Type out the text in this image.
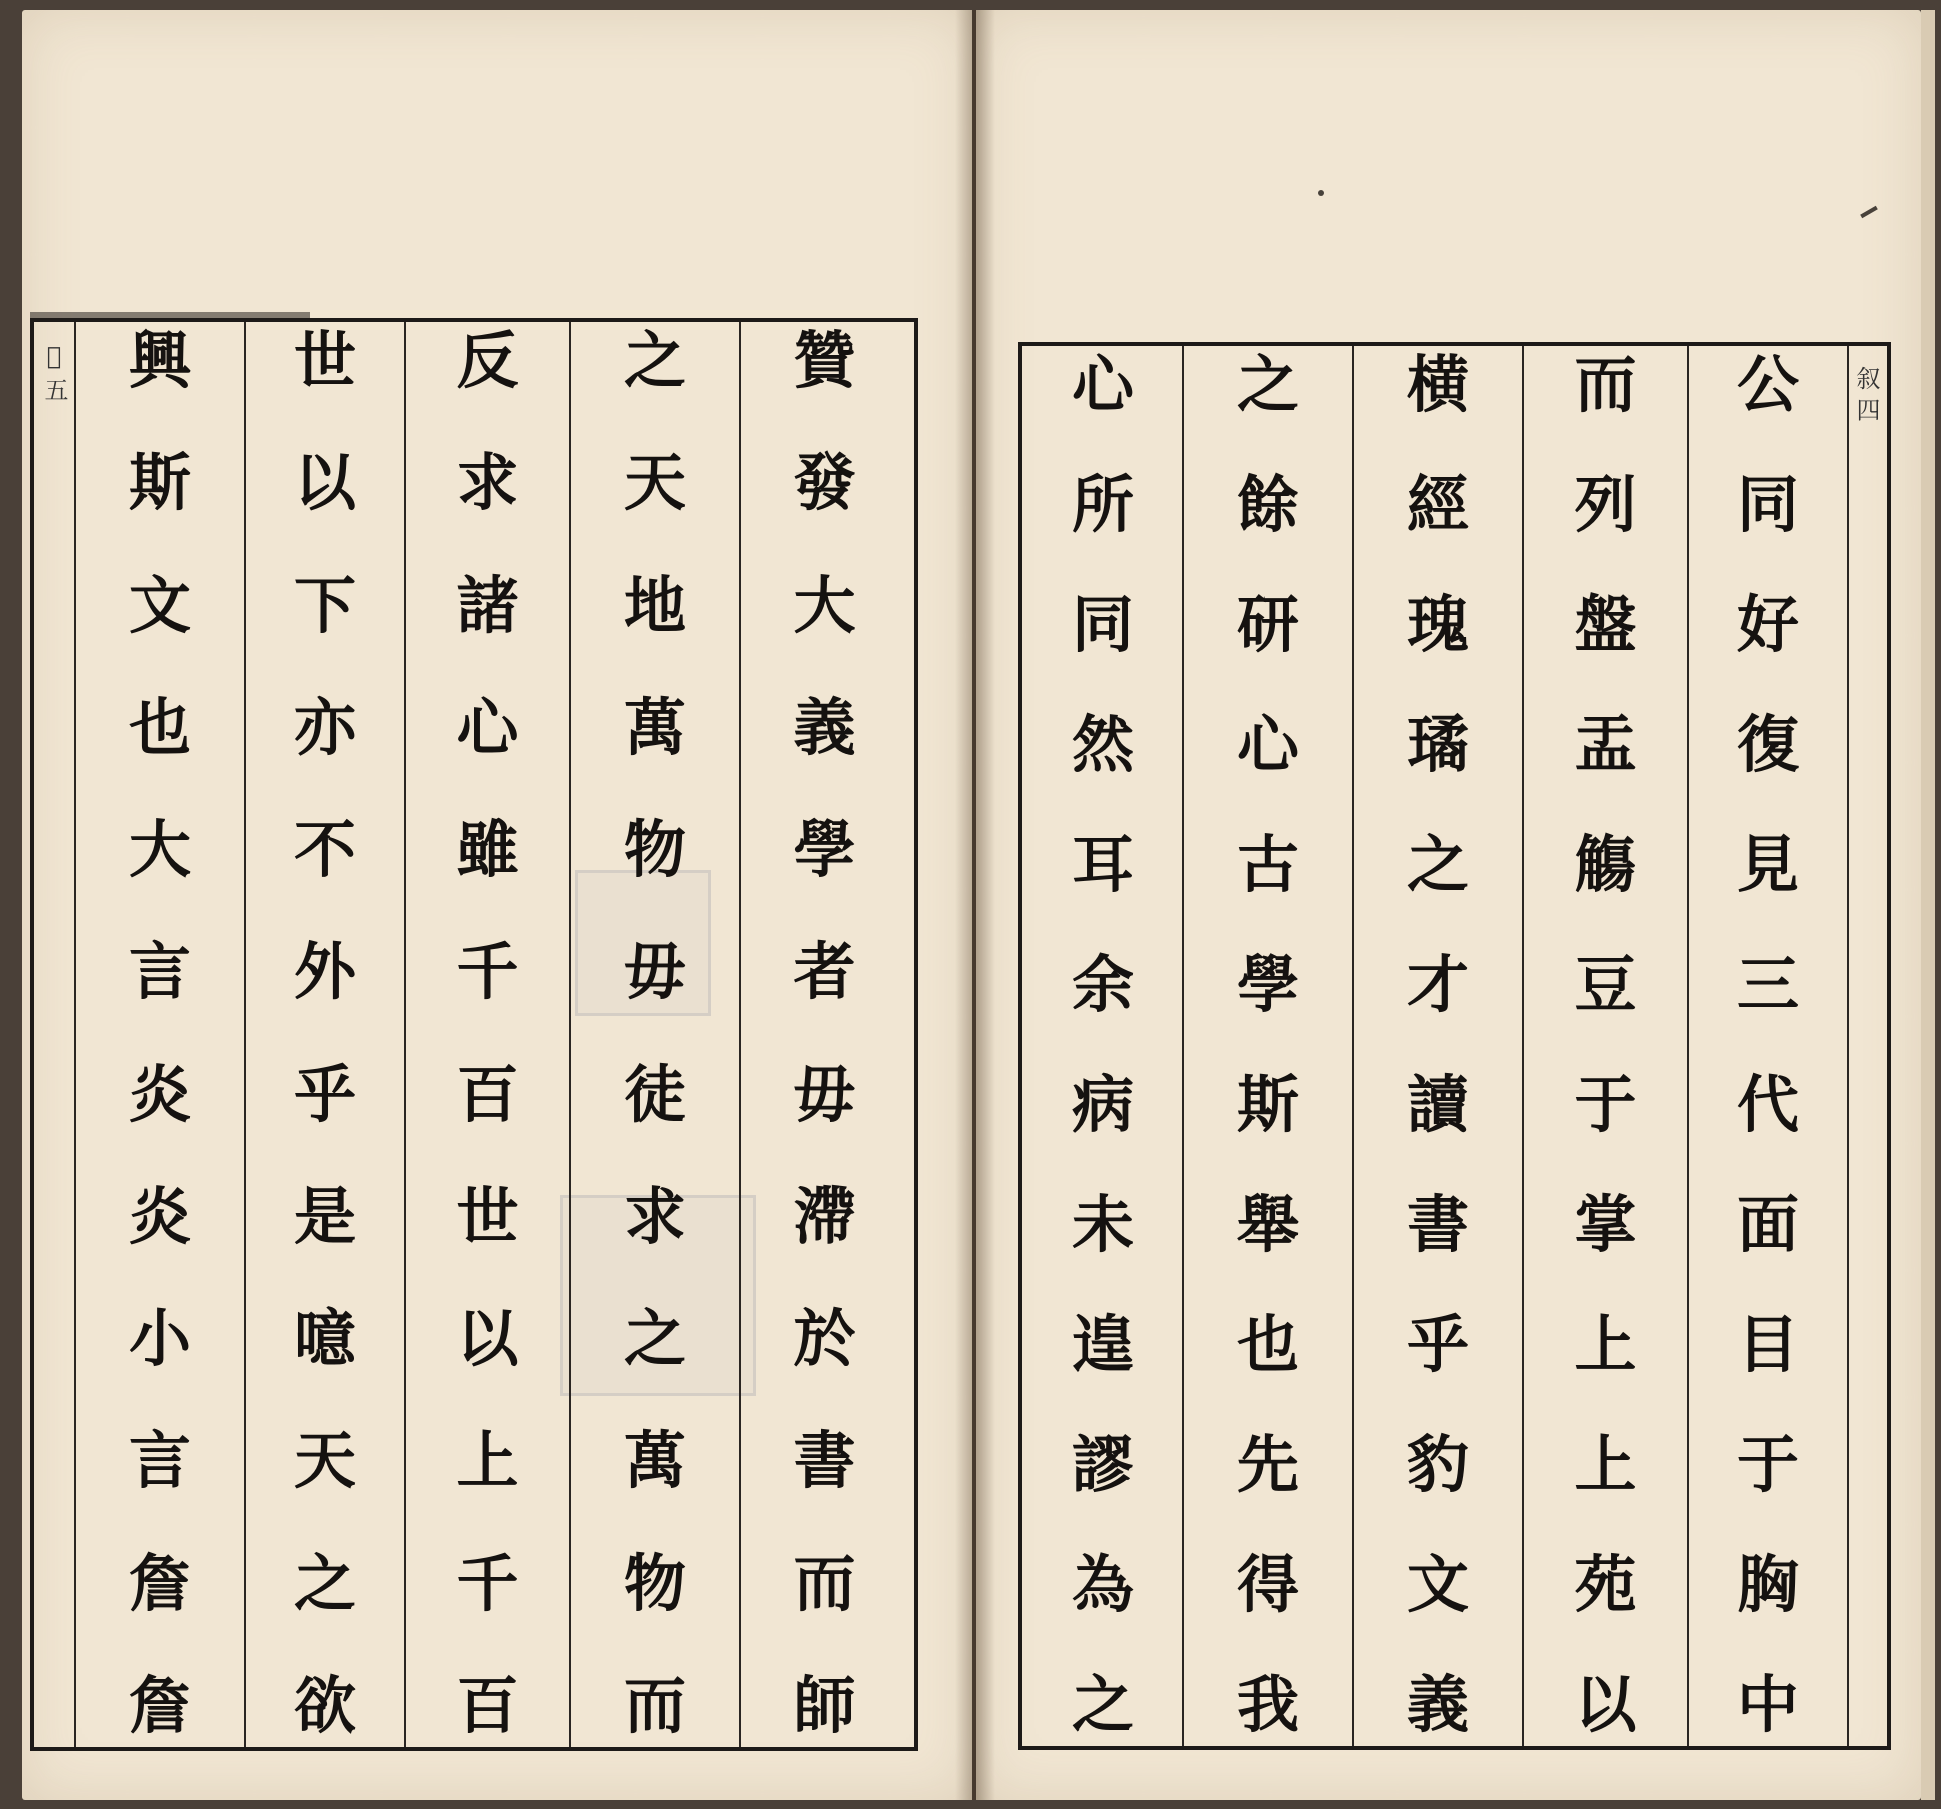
𡊮 五 興
斯
文
也
大
言
炎
炎
小
言
詹
詹
世
以
下
亦
不
外
乎
是
噫
天
之
欲
反
求
諸
心
雖
千
百
世
以
上
千
百
之
天
地
萬
物
毋
徒
求
之
萬
物
而
贊
發
大
義
學
者
毋
滯
於
書
而
師
心
所
同
然
耳
余
病
未
遑
謬
為
之
之
餘
研
心
古
學
斯
舉
也
先
得
我
横
經
瑰
璚
之
才
讀
書
乎
豹
文
義
而
列
盤
盂
觴
豆
于
掌
上
上
苑
以
公
同
好
復
見
三
代
面
目
于
胸
中
叙 四
